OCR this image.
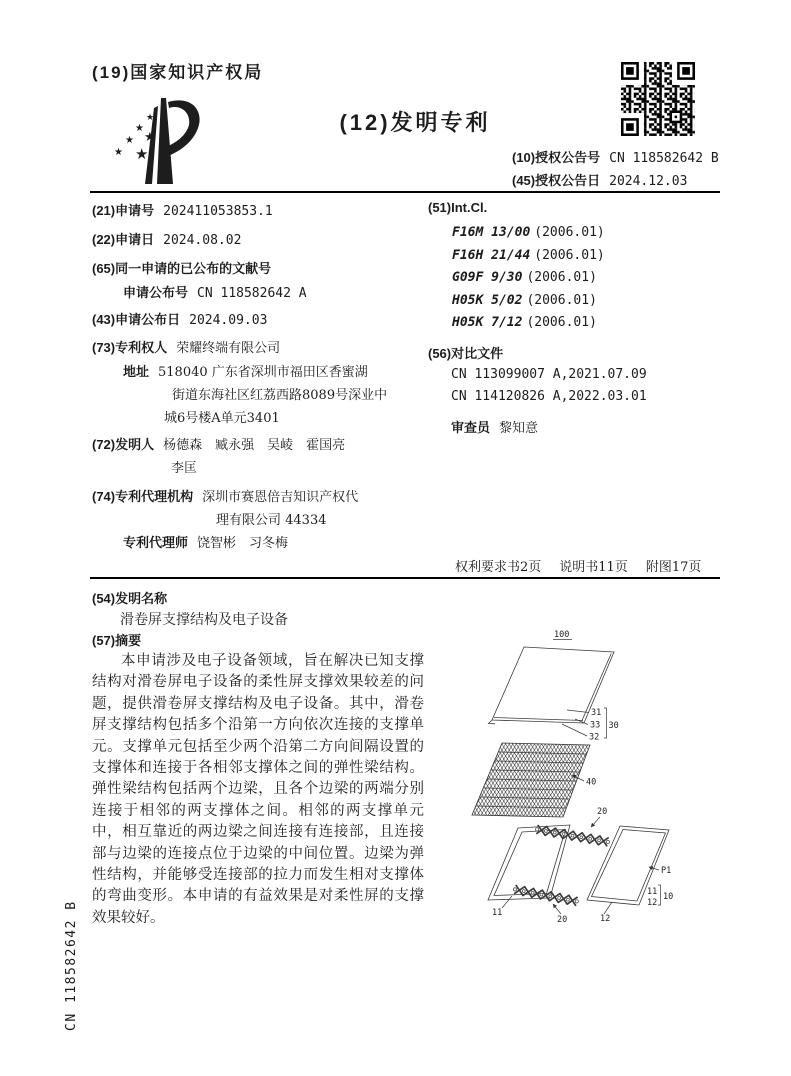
(19)国家知识产权局
★
★
★
★
★ ★
(12)发明专利
(10)授权公告号 CN 118582642 B
(45)授权公告日 2024.12.03
(21)申请号 202411053853.1
(22)申请日 2024.08.02
(65)同一申请的已公布的文献号
申请公布号 CN 118582642 A
(43)申请公布日 2024.09.03
(73)专利权人 荣耀终端有限公司
地址 518040 广东省深圳市福田区香蜜湖
街道东海社区红荔西路8089号深业中
城6号楼A单元3401
(72)发明人 杨德森　臧永强　吴崚　霍国亮
李匡
(74)专利代理机构 深圳市赛恩倍吉知识产权代
理有限公司 44334
专利代理师 饶智彬　习冬梅
(51)Int.Cl.
F16M 13/00 (2006.01)
F16H 21/44 (2006.01)
G09F 9/30 (2006.01)
H05K 5/02 (2006.01)
H05K 7/12 (2006.01)
(56)对比文件
CN 113099007 A,2021.07.09
CN 114120826 A,2022.03.01
审查员 黎知意
权利要求书2页 说明书11页 附图17页
(54)发明名称
滑卷屏支撑结构及电子设备
(57)摘要
本申请涉及电子设备领域，旨在解决已知支撑结构对滑卷屏电子设备的柔性屏支撑效果较差的问题，提供滑卷屏支撑结构及电子设备。其中，滑卷屏支撑结构包括多个沿第一方向依次连接的支撑单元。支撑单元包括至少两个沿第二方向间隔设置的支撑体和连接于各相邻支撑体之间的弹性梁结构。弹性梁结构包括两个边梁，且各个边梁的两端分别连接于相邻的两支撑体之间。相邻的两支撑单元中，相互靠近的两边梁之间连接有连接部，且连接部与边梁的连接点位于边梁的中间位置。边梁为弹性结构，并能够受连接部的拉力而发生相对支撑体的弯曲变形。本申请的有益效果是对柔性屏的支撑效果较好。
100
31
33
32
30
40
11
20
20	12
P1
11
12
10
CN 118582642 B
